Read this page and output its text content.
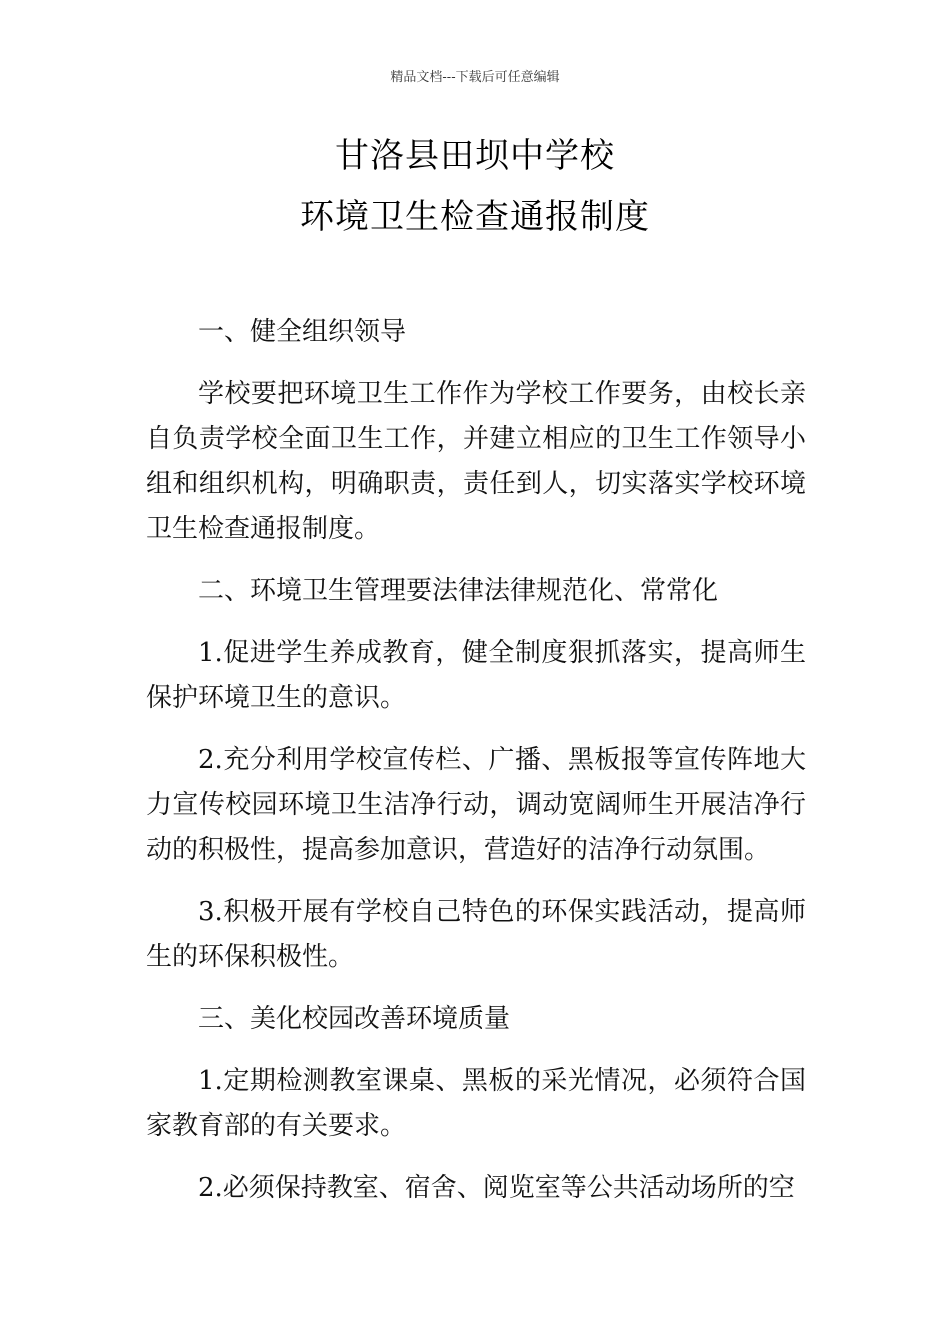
精品文档---下载后可任意编辑
甘洛县田坝中学校
环境卫生检查通报制度

一、健全组织领导

学校要把环境卫生工作作为学校工作要务，由校长亲自负责学校全面卫生工作，并建立相应的卫生工作领导小组和组织机构，明确职责，责任到人，切实落实学校环境卫生检查通报制度。

二、环境卫生管理要法律法律规范化、常常化

1.促进学生养成教育，健全制度狠抓落实，提高师生保护环境卫生的意识。

2.充分利用学校宣传栏、广播、黑板报等宣传阵地大力宣传校园环境卫生洁净行动，调动宽阔师生开展洁净行动的积极性，提高参加意识，营造好的洁净行动氛围。

3.积极开展有学校自己特色的环保实践活动，提高师生的环保积极性。

三、美化校园改善环境质量

1.定期检测教室课桌、黑板的采光情况，必须符合国家教育部的有关要求。

2.必须保持教室、宿舍、阅览室等公共活动场所的空
